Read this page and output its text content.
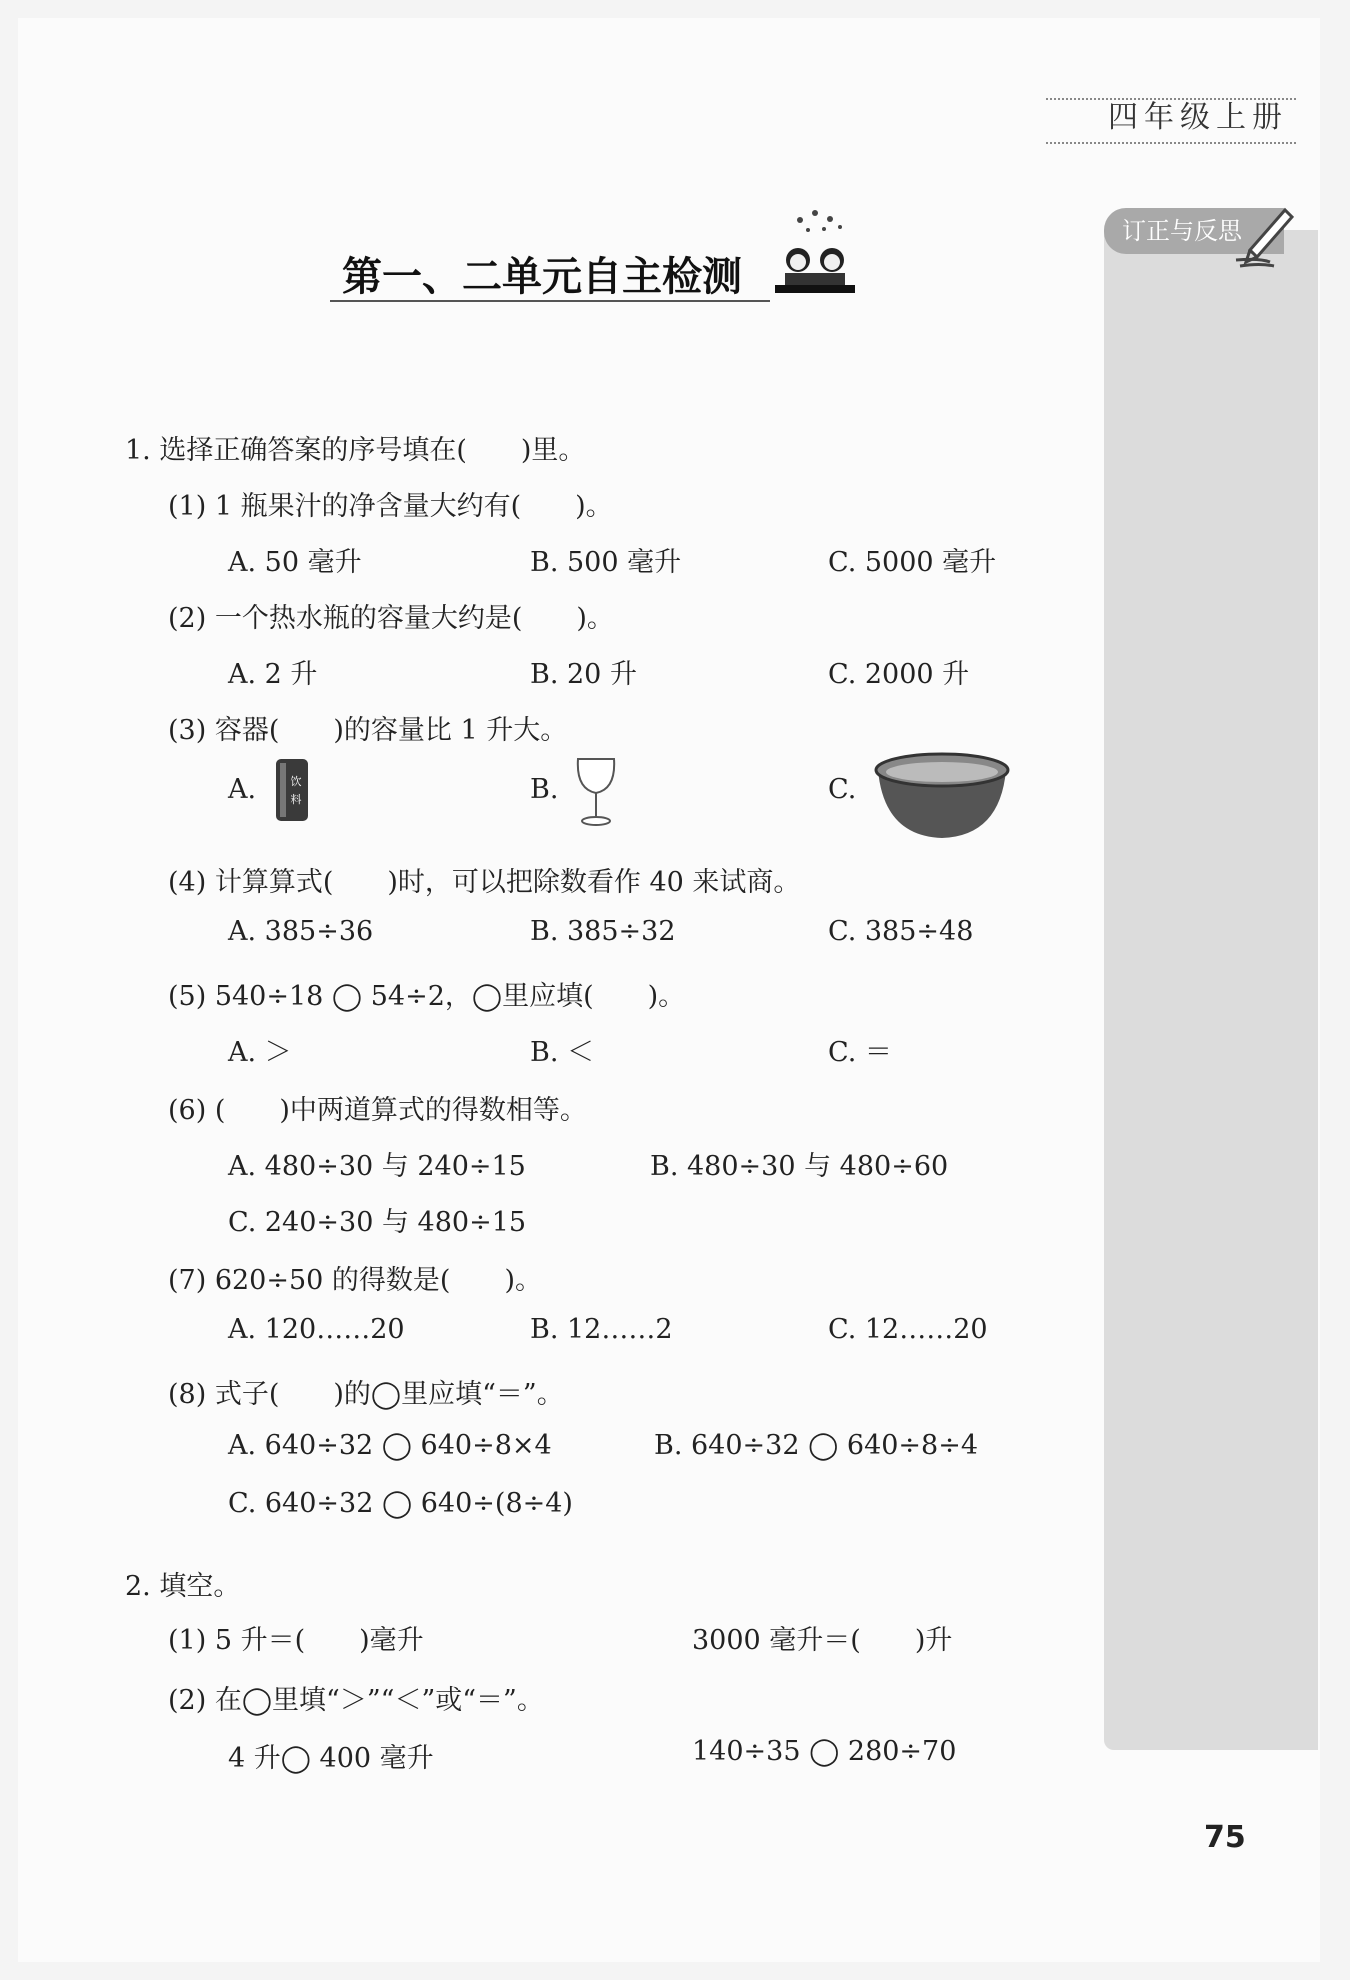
四年级上册
订正与反思
第一、二单元自主检测
1. 选择正确答案的序号填在(　　)里。
(1) 1 瓶果汁的净含量大约有(　　)。
A. 50 毫升	B. 500 毫升	C. 5000 毫升
(2) 一个热水瓶的容量大约是(　　)。
A. 2 升	B. 20 升	C. 2000 升
(3) 容器(　　)的容量比 1 升大。
A.	饮
料	B.	C.
(4) 计算算式(　　)时，可以把除数看作 40 来试商。
A. 385÷36	B. 385÷32	C. 385÷48
(5) 540÷18 ◯ 54÷2，◯里应填(　　)。
A. ＞	B. ＜	C. ＝
(6) (　　)中两道算式的得数相等。
A. 480÷30 与 240÷15	B. 480÷30 与 480÷60
C. 240÷30 与 480÷15
(7) 620÷50 的得数是(　　)。
A. 120……20	B. 12……2	C. 12……20
(8) 式子(　　)的◯里应填“＝”。
A. 640÷32 ◯ 640÷8×4	B. 640÷32 ◯ 640÷8÷4
C. 640÷32 ◯ 640÷(8÷4)
2. 填空。
(1) 5 升＝(　　)毫升	3000 毫升＝(　　)升
(2) 在◯里填“＞”“＜”或“＝”。
4 升◯ 400 毫升	140÷35 ◯ 280÷70
75
